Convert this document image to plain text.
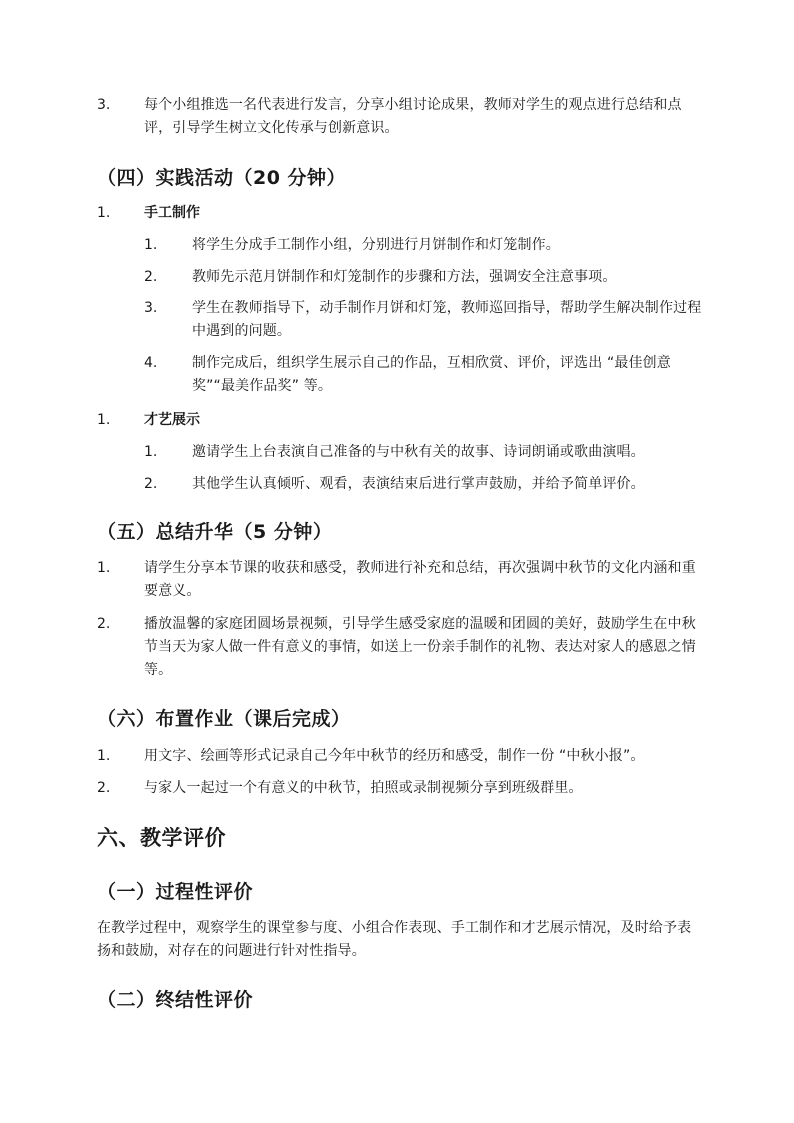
3. 每个小组推选一名代表进行发言，分享小组讨论成果，教师对学生的观点进行总结和点评，引导学生树立文化传承与创新意识。
（四）实践活动（20 分钟）
1. 手工制作
1. 将学生分成手工制作小组，分别进行月饼制作和灯笼制作。
2. 教师先示范月饼制作和灯笼制作的步骤和方法，强调安全注意事项。
3. 学生在教师指导下，动手制作月饼和灯笼，教师巡回指导，帮助学生解决制作过程中遇到的问题。
4. 制作完成后，组织学生展示自己的作品，互相欣赏、评价，评选出 “最佳创意奖”“最美作品奖” 等。
1. 才艺展示
1. 邀请学生上台表演自己准备的与中秋有关的故事、诗词朗诵或歌曲演唱。
2. 其他学生认真倾听、观看，表演结束后进行掌声鼓励，并给予简单评价。
（五）总结升华（5 分钟）
1. 请学生分享本节课的收获和感受，教师进行补充和总结，再次强调中秋节的文化内涵和重要意义。
2. 播放温馨的家庭团圆场景视频，引导学生感受家庭的温暖和团圆的美好，鼓励学生在中秋节当天为家人做一件有意义的事情，如送上一份亲手制作的礼物、表达对家人的感恩之情等。
（六）布置作业（课后完成）
1. 用文字、绘画等形式记录自己今年中秋节的经历和感受，制作一份 “中秋小报”。
2. 与家人一起过一个有意义的中秋节，拍照或录制视频分享到班级群里。
六、教学评价
（一）过程性评价
在教学过程中，观察学生的课堂参与度、小组合作表现、手工制作和才艺展示情况，及时给予表扬和鼓励，对存在的问题进行针对性指导。
（二）终结性评价
